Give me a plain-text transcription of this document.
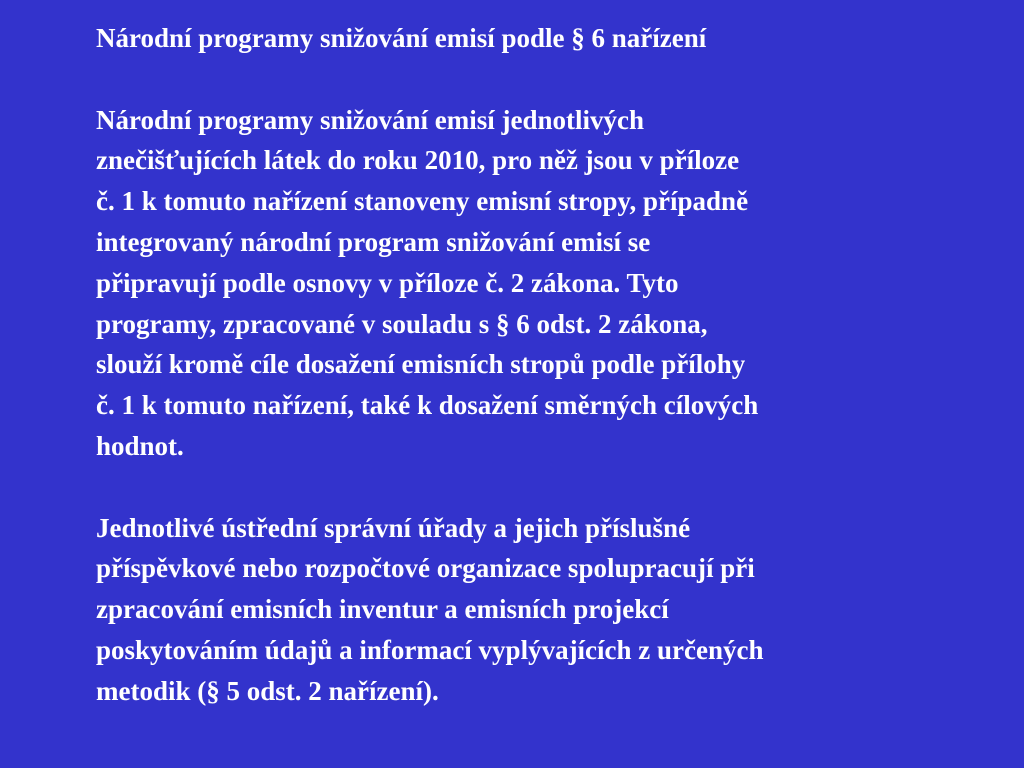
Národní programy snižování emisí podle § 6 nařízení

Národní programy snižování emisí jednotlivých
znečišťujících látek do roku 2010, pro něž jsou v příloze
č. 1 k tomuto nařízení stanoveny emisní stropy, případně
integrovaný národní program snižování emisí se
připravují podle osnovy v příloze č. 2 zákona. Tyto
programy, zpracované v souladu s § 6 odst. 2 zákona,
slouží kromě cíle dosažení emisních stropů podle přílohy
č. 1 k tomuto nařízení, také k dosažení směrných cílových
hodnot.

Jednotlivé ústřední správní úřady a jejich příslušné
příspěvkové nebo rozpočtové organizace spolupracují při
zpracování emisních inventur a emisních projekcí
poskytováním údajů a informací vyplývajících z určených
metodik (§ 5 odst. 2 nařízení).
